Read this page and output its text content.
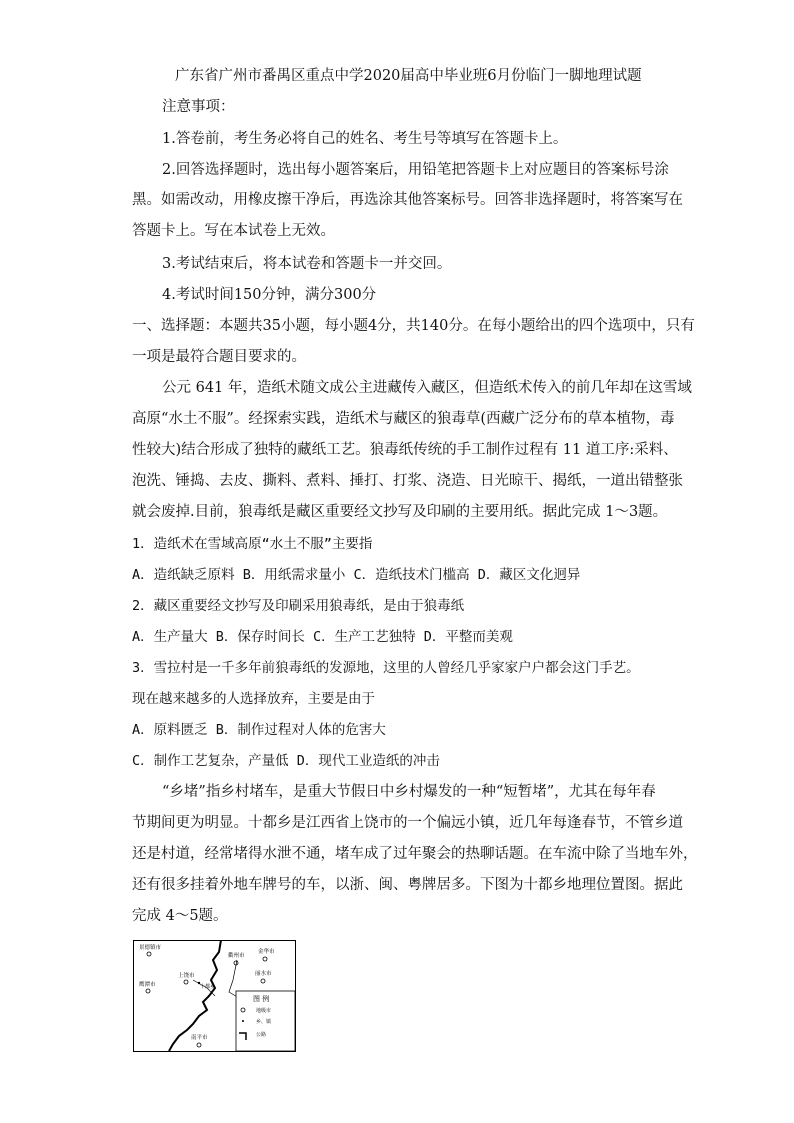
广东省广州市番禺区重点中学2020届高中毕业班6月份临门一脚地理试题
注意事项：
1.答卷前，考生务必将自己的姓名、考生号等填写在答题卡上。
2.回答选择题时，选出每小题答案后，用铅笔把答题卡上对应题目的答案标号涂
黑。如需改动，用橡皮擦干净后，再选涂其他答案标号。回答非选择题时，将答案写在
答题卡上。写在本试卷上无效。
3.考试结束后，将本试卷和答题卡一并交回。
4.考试时间150分钟，满分300分
一、选择题：本题共35小题，每小题4分，共140分。在每小题给出的四个选项中，只有
一项是最符合题目要求的。
公元 641 年，造纸术随文成公主进藏传入藏区，但造纸术传入的前几年却在这雪域
高原“水土不服”。经探索实践，造纸术与藏区的狼毒草(西藏广泛分布的草本植物，毒
性较大)结合形成了独特的藏纸工艺。狼毒纸传统的手工制作过程有 11 道工序:采料、
泡洗、锤捣、去皮、撕料、煮料、捶打、打浆、浇造、日光晾干、揭纸，一道出错整张
就会废掉.目前，狼毒纸是藏区重要经文抄写及印刷的主要用纸。据此完成 1～3题。
1．造纸术在雪域高原“水土不服”主要指
A．造纸缺乏原料 B．用纸需求量小 C．造纸技术门槛高 D．藏区文化迥异
2．藏区重要经文抄写及印刷采用狼毒纸，是由于狼毒纸
A．生产量大 B．保存时间长 C．生产工艺独特 D．平整而美观
3．雪拉村是一千多年前狼毒纸的发源地，这里的人曾经几乎家家户户都会这门手艺。
现在越来越多的人选择放弃，主要是由于
A．原料匮乏 B．制作过程对人体的危害大
C．制作工艺复杂，产量低 D．现代工业造纸的冲击
“乡堵”指乡村堵车，是重大节假日中乡村爆发的一种“短暂堵”，尤其在每年春
节期间更为明显。十都乡是江西省上饶市的一个偏远小镇，近几年每逢春节，不管乡道
还是村道，经常堵得水泄不通，堵车成了过年聚会的热聊话题。在车流中除了当地车外，
还有很多挂着外地车牌号的车，以浙、闽、粤牌居多。下图为十都乡地理位置图。据此
完成 4～5题。
景德镇市
衢州市
金华市
上饶市	丽水市
鹰潭市
南平市
十都乡
图 例
地级市
乡、镇
公路
